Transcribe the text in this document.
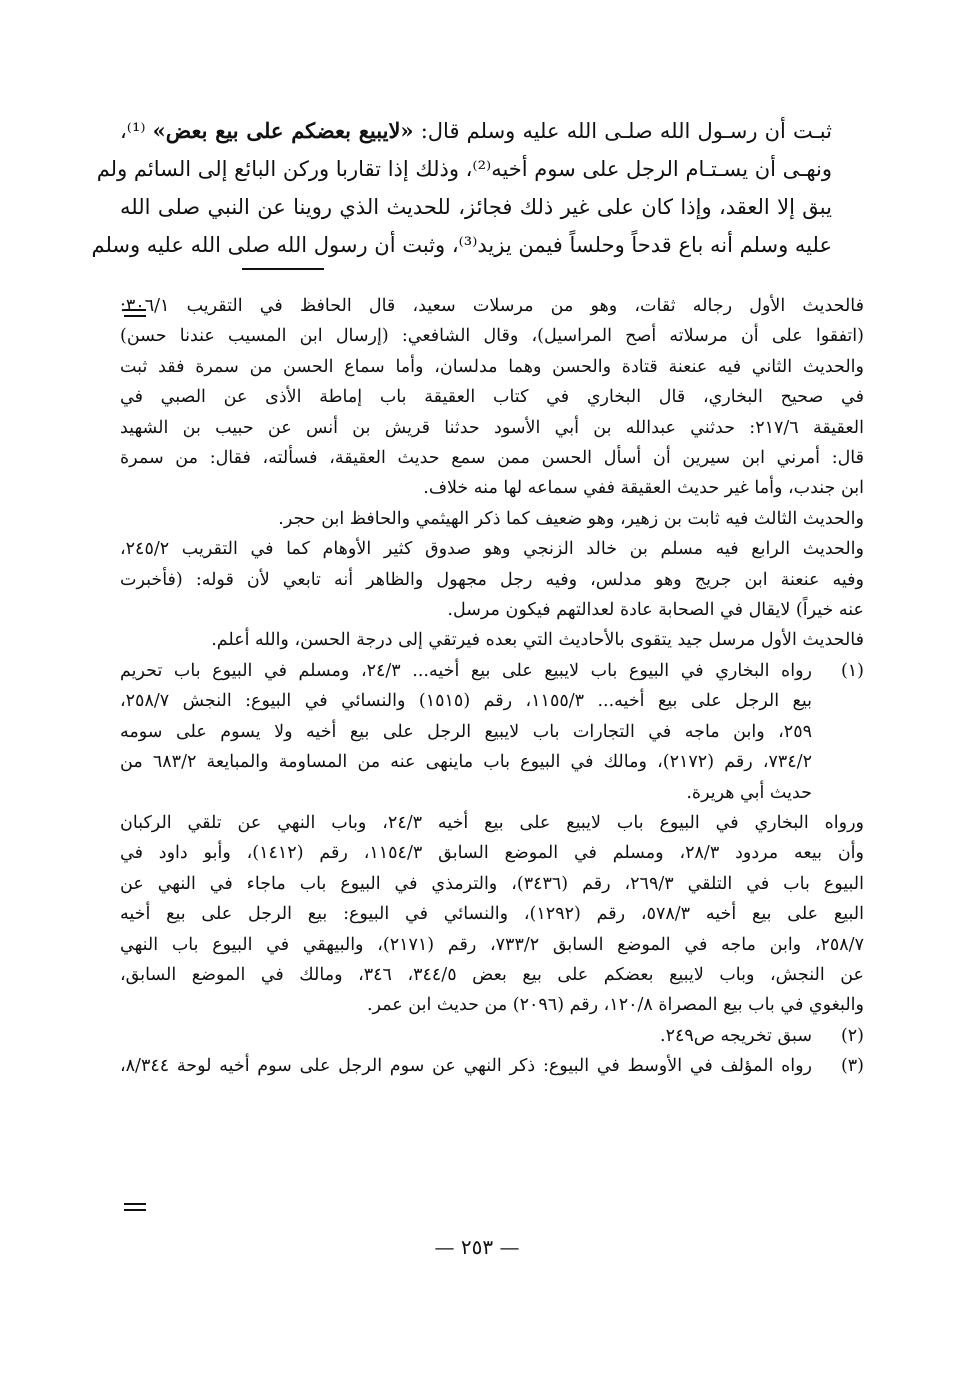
ثبـت أن رسـول الله صلـى الله عليه وسلم قال: «لايبيع بعضكم على بيع بعض» ⁽¹⁾،
ونهـى أن يسـتـام الرجل على سوم أخيه⁽²⁾، وذلك إذا تقاربا وركن البائع إلى السائم ولم
يبق إلا العقد، وإذا كان على غير ذلك فجائز، للحديث الذي روينا عن النبي صلى الله
عليه وسلم أنه باع قدحاً وحلساً فيمن يزيد⁽³⁾، وثبت أن رسول الله صلى الله عليه وسلم
فالحديث الأول رجاله ثقات، وهو من مرسلات سعيد، قال الحافظ في التقريب ٣٠٦/١:
(اتفقوا على أن مرسلاته أصح المراسيل)، وقال الشافعي: (إرسال ابن المسيب عندنا حسن)
والحديث الثاني فيه عنعنة قتادة والحسن وهما مدلسان، وأما سماع الحسن من سمرة فقد ثبت
في صحيح البخاري، قال البخاري في كتاب العقيقة باب إماطة الأذى عن الصبي في
العقيقة ٢١٧/٦: حدثني عبدالله بن أبي الأسود حدثنا قريش بن أنس عن حبيب بن الشهيد
قال: أمرني ابن سيرين أن أسأل الحسن ممن سمع حديث العقيقة، فسألته، فقال: من سمرة
ابن جندب، وأما غير حديث العقيقة ففي سماعه لها منه خلاف.
والحديث الثالث فيه ثابت بن زهير، وهو ضعيف كما ذكر الهيثمي والحافظ ابن حجر.
والحديث الرابع فيه مسلم بن خالد الزنجي وهو صدوق كثير الأوهام كما في التقريب ٢٤٥/٢،
وفيه عنعنة ابن جريج وهو مدلس، وفيه رجل مجهول والظاهر أنه تابعي لأن قوله: (فأخبرت
عنه خيراً) لايقال في الصحابة عادة لعدالتهم فيكون مرسل.
فالحديث الأول مرسل جيد يتقوى بالأحاديث التي بعده فيرتقي إلى درجة الحسن، والله أعلم.
(١)
رواه البخاري في البيوع باب لايبيع على بيع أخيه... ٢٤/٣، ومسلم في البيوع باب تحريم
بيع الرجل على بيع أخيه... ١١٥٥/٣، رقم (١٥١٥) والنسائي في البيوع: النجش ٢٥٨/٧،
٢٥٩، وابن ماجه في التجارات باب لايبيع الرجل على بيع أخيه ولا يسوم على سومه
٧٣٤/٢، رقم (٢١٧٢)، ومالك في البيوع باب ماينهى عنه من المساومة والمبايعة ٦٨٣/٢ من
حديث أبي هريرة.
ورواه البخاري في البيوع باب لايبيع على بيع أخيه ٢٤/٣، وباب النهي عن تلقي الركبان
وأن بيعه مردود ٢٨/٣، ومسلم في الموضع السابق ١١٥٤/٣، رقم (١٤١٢)، وأبو داود في
البيوع باب في التلقي ٢٦٩/٣، رقم (٣٤٣٦)، والترمذي في البيوع باب ماجاء في النهي عن
البيع على بيع أخيه ٥٧٨/٣، رقم (١٢٩٢)، والنسائي في البيوع: بيع الرجل على بيع أخيه
٢٥٨/٧، وابن ماجه في الموضع السابق ٧٣٣/٢، رقم (٢١٧١)، والبيهقي في البيوع باب النهي
عن النجش، وباب لايبيع بعضكم على بيع بعض ٣٤٤/٥، ٣٤٦، ومالك في الموضع السابق،
والبغوي في باب بيع المصراة ١٢٠/٨، رقم (٢٠٩٦) من حديث ابن عمر.
(٢)
سبق تخريجه ص٢٤٩.
(٣)
رواه المؤلف في الأوسط في البيوع: ذكر النهي عن سوم الرجل على سوم أخيه لوحة ٨/٣٤٤،
— ٢٥٣ —
